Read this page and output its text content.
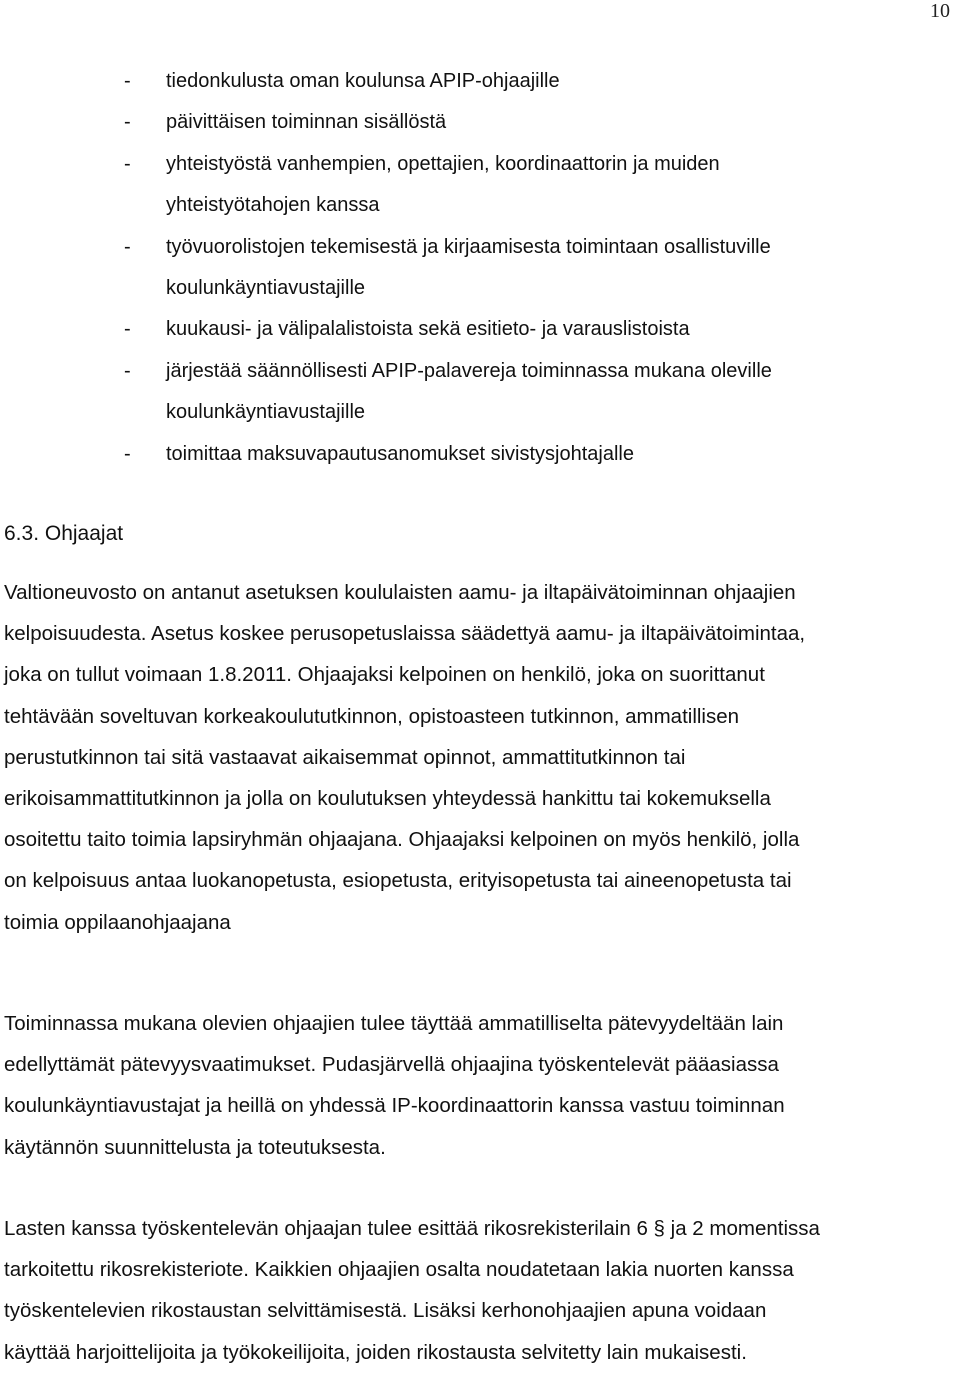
10
- tiedonkulusta oman koulunsa APIP-ohjaajille
- päivittäisen toiminnan sisällöstä
- yhteistyöstä vanhempien, opettajien, koordinaattorin ja muiden
yhteistyötahojen kanssa
- työvuorolistojen tekemisestä ja kirjaamisesta toimintaan osallistuville
koulunkäyntiavustajille
- kuukausi- ja välipalalistoista sekä esitieto- ja varauslistoista
- järjestää säännöllisesti APIP-palavereja toiminnassa mukana oleville
koulunkäyntiavustajille
- toimittaa maksuvapautusanomukset sivistysjohtajalle
6.3. Ohjaajat
Valtioneuvosto on antanut asetuksen koululaisten aamu- ja iltapäivätoiminnan ohjaajien
kelpoisuudesta. Asetus koskee perusopetuslaissa säädettyä aamu- ja iltapäivätoimintaa,
joka on tullut voimaan 1.8.2011. Ohjaajaksi kelpoinen on henkilö, joka on suorittanut
tehtävään soveltuvan korkeakoulututkinnon, opistoasteen tutkinnon, ammatillisen
perustutkinnon tai sitä vastaavat aikaisemmat opinnot, ammattitutkinnon tai
erikoisammattitutkinnon ja jolla on koulutuksen yhteydessä hankittu tai kokemuksella
osoitettu taito toimia lapsiryhmän ohjaajana. Ohjaajaksi kelpoinen on myös henkilö, jolla
on kelpoisuus antaa luokanopetusta, esiopetusta, erityisopetusta tai aineenopetusta tai
toimia oppilaanohjaajana
Toiminnassa mukana olevien ohjaajien tulee täyttää ammatilliselta pätevyydeltään lain
edellyttämät pätevyysvaatimukset. Pudasjärvellä ohjaajina työskentelevät pääasiassa
koulunkäyntiavustajat ja heillä on yhdessä IP-koordinaattorin kanssa vastuu toiminnan
käytännön suunnittelusta ja toteutuksesta.
Lasten kanssa työskentelevän ohjaajan tulee esittää rikosrekisterilain 6 § ja 2 momentissa
tarkoitettu rikosrekisteriote. Kaikkien ohjaajien osalta noudatetaan lakia nuorten kanssa
työskentelevien rikostaustan selvittämisestä. Lisäksi kerhonohjaajien apuna voidaan
käyttää harjoittelijoita ja työkokeilijoita, joiden rikostausta selvitetty lain mukaisesti.
